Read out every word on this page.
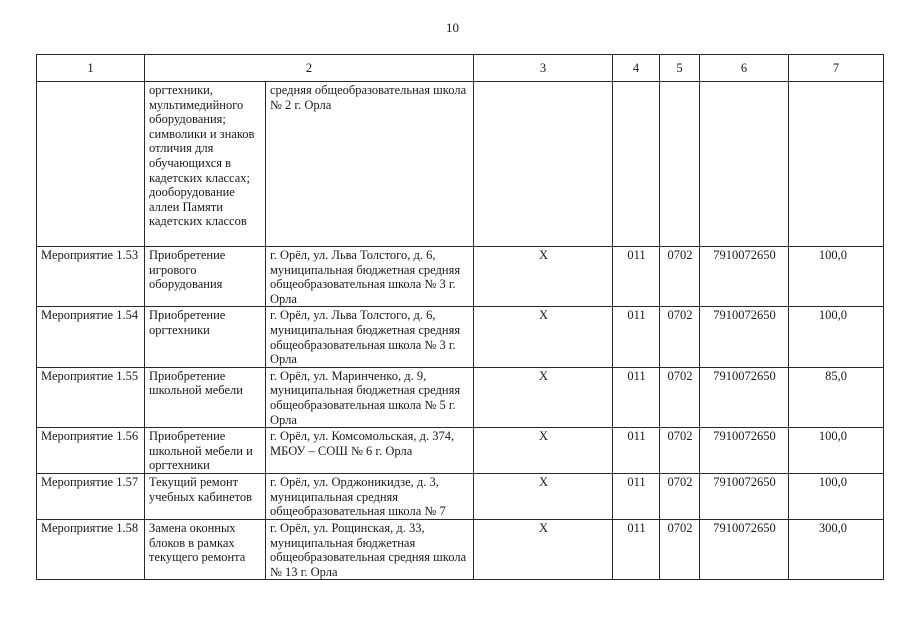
10
1	2		3	4	5	6	7
	оргтехники, мультимедийного оборудования; символики и знаков отличия для обучающихся в кадетских классах; дооборудование аллеи Памяти кадетских классов	средняя общеобразовательная школа № 2 г. Орла					
Мероприятие 1.53	Приобретение игрового оборудования	г. Орёл, ул. Льва Толстого, д. 6, муниципальная бюджетная средняя общеобразовательная школа № 3 г. Орла	Х	011	0702	7910072650	100,0
Мероприятие 1.54	Приобретение оргтехники	г. Орёл, ул. Льва Толстого, д. 6, муниципальная бюджетная средняя общеобразовательная школа № 3 г. Орла	Х	011	0702	7910072650	100,0
Мероприятие 1.55	Приобретение школьной мебели	г. Орёл, ул. Маринченко, д. 9, муниципальная бюджетная средняя общеобразовательная школа № 5 г. Орла	Х	011	0702	7910072650	85,0
Мероприятие 1.56	Приобретение школьной мебели и оргтехники	г. Орёл, ул. Комсомольская, д. 374, МБОУ – СОШ № 6 г. Орла	Х	011	0702	7910072650	100,0
Мероприятие 1.57	Текущий ремонт учебных кабинетов	г. Орёл, ул. Орджоникидзе, д. 3, муниципальная средняя общеобразовательная школа № 7	Х	011	0702	7910072650	100,0
Мероприятие 1.58	Замена оконных блоков в рамках текущего ремонта	г. Орёл, ул. Рощинская, д. 33, муниципальная бюджетная общеобразовательная средняя школа № 13 г. Орла	Х	011	0702	7910072650	300,0
